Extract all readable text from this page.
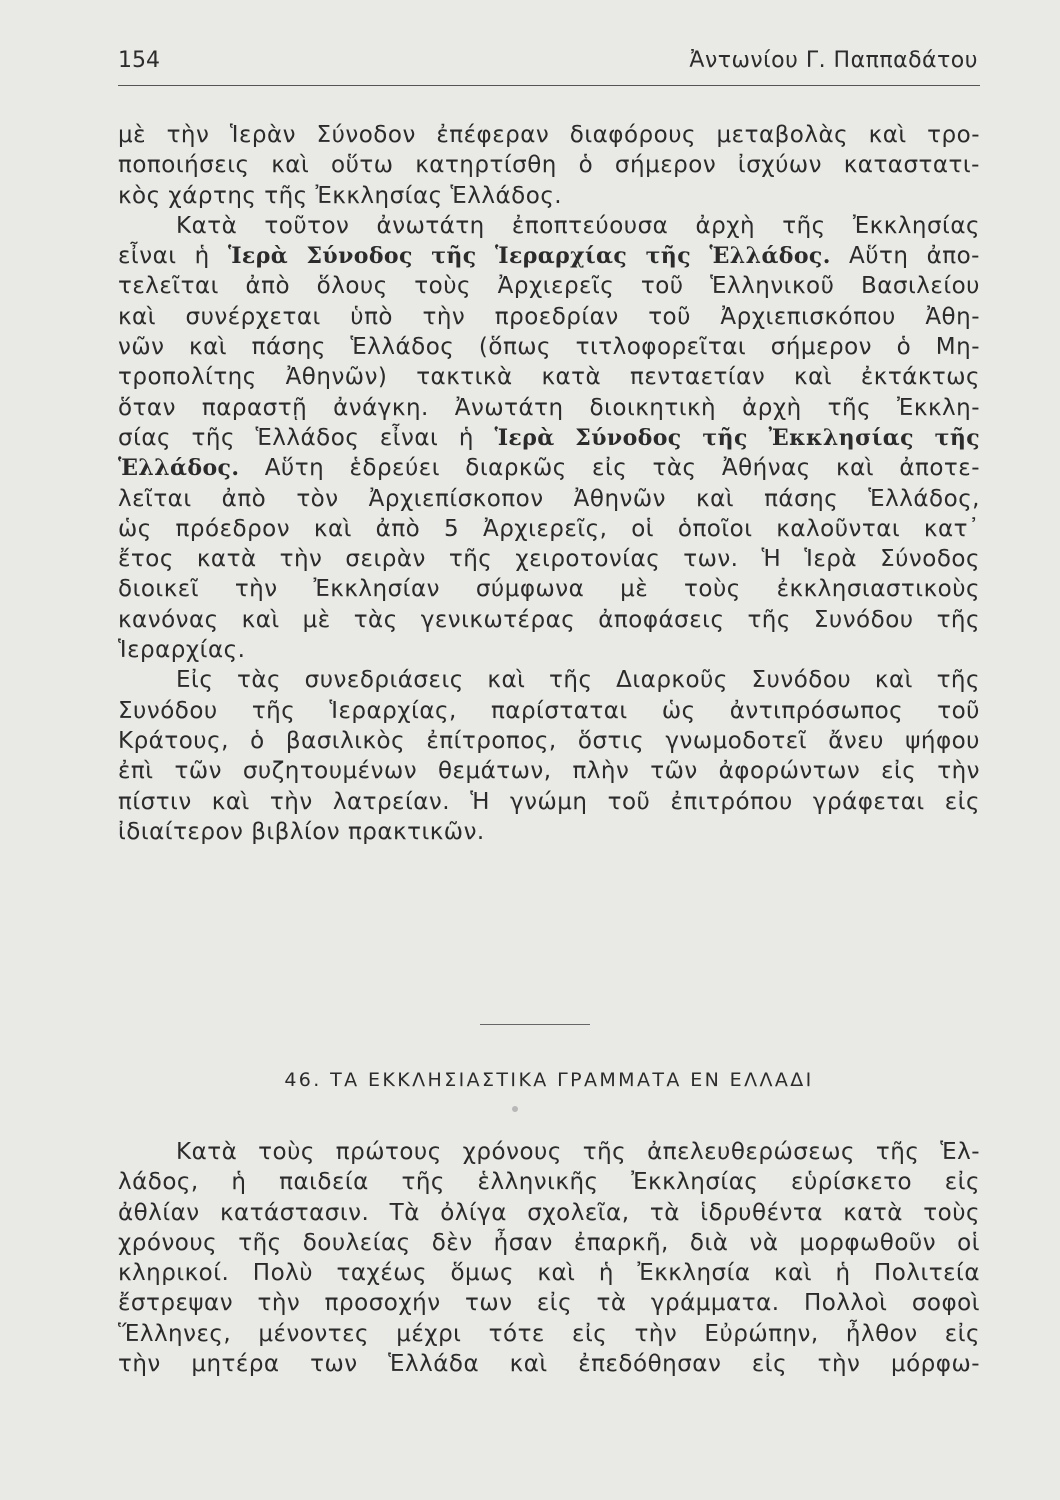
154	Ἀντωνίου Γ. Παππαδάτου
μὲ τὴν Ἱερὰν Σύνοδον ἐπέφεραν διαφόρους μεταβολὰς καὶ τρο-
ποποιήσεις καὶ οὕτω κατηρτίσθη ὁ σήμερον ἰσχύων καταστατι-
κὸς χάρτης τῆς Ἐκκλησίας Ἑλλάδος.
Κατὰ τοῦτον ἀνωτάτη ἐποπτεύουσα ἀρχὴ τῆς Ἐκκλησίας
εἶναι ἡ Ἱερὰ Σύνοδος τῆς Ἱεραρχίας τῆς Ἑλλάδος. Αὕτη ἀπο-
τελεῖται ἀπὸ ὅλους τοὺς Ἀρχιερεῖς τοῦ Ἑλληνικοῦ Βασιλείου
καὶ συνέρχεται ὑπὸ τὴν προεδρίαν τοῦ Ἀρχιεπισκόπου Ἀθη-
νῶν καὶ πάσης Ἑλλάδος (ὅπως τιτλοφορεῖται σήμερον ὁ Μη-
τροπολίτης Ἀθηνῶν) τακτικὰ κατὰ πενταετίαν καὶ ἐκτάκτως
ὅταν παραστῇ ἀνάγκη. Ἀνωτάτη διοικητικὴ ἀρχὴ τῆς Ἐκκλη-
σίας τῆς Ἑλλάδος εἶναι ἡ Ἱερὰ Σύνοδος τῆς Ἐκκλησίας τῆς
Ἑλλάδος. Αὕτη ἑδρεύει διαρκῶς εἰς τὰς Ἀθήνας καὶ ἀποτε-
λεῖται ἀπὸ τὸν Ἀρχιεπίσκοπον Ἀθηνῶν καὶ πάσης Ἑλλάδος,
ὡς πρόεδρον καὶ ἀπὸ 5 Ἀρχιερεῖς, οἱ ὁποῖοι καλοῦνται κατ᾿
ἔτος κατὰ τὴν σειρὰν τῆς χειροτονίας των. Ἡ Ἱερὰ Σύνοδος
διοικεῖ τὴν Ἐκκλησίαν σύμφωνα μὲ τοὺς ἐκκλησιαστικοὺς
κανόνας καὶ μὲ τὰς γενικωτέρας ἀποφάσεις τῆς Συνόδου τῆς
Ἱεραρχίας.
Εἰς τὰς συνεδριάσεις καὶ τῆς Διαρκοῦς Συνόδου καὶ τῆς
Συνόδου τῆς Ἱεραρχίας, παρίσταται ὡς ἀντιπρόσωπος τοῦ
Κράτους, ὁ βασιλικὸς ἐπίτροπος, ὅστις γνωμοδοτεῖ ἄνευ ψήφου
ἐπὶ τῶν συζητουμένων θεμάτων, πλὴν τῶν ἀφορώντων εἰς τὴν
πίστιν καὶ τὴν λατρείαν. Ἡ γνώμη τοῦ ἐπιτρόπου γράφεται εἰς
ἰδιαίτερον βιβλίον πρακτικῶν.
46. ΤΑ ΕΚΚΛΗΣΙΑΣΤΙΚΑ ΓΡΑΜΜΑΤΑ ΕΝ ΕΛΛΑΔΙ
Κατὰ τοὺς πρώτους χρόνους τῆς ἀπελευθερώσεως τῆς Ἑλ-
λάδος, ἡ παιδεία τῆς ἑλληνικῆς Ἐκκλησίας εὑρίσκετο εἰς
ἀθλίαν κατάστασιν. Τὰ ὀλίγα σχολεῖα, τὰ ἱδρυθέντα κατὰ τοὺς
χρόνους τῆς δουλείας δὲν ἦσαν ἐπαρκῆ, διὰ νὰ μορφωθοῦν οἱ
κληρικοί. Πολὺ ταχέως ὅμως καὶ ἡ Ἐκκλησία καὶ ἡ Πολιτεία
ἔστρεψαν τὴν προσοχήν των εἰς τὰ γράμματα. Πολλοὶ σοφοὶ
Ἕλληνες, μένοντες μέχρι τότε εἰς τὴν Εὐρώπην, ἦλθον εἰς
τὴν μητέρα των Ἑλλάδα καὶ ἐπεδόθησαν εἰς τὴν μόρφω-
